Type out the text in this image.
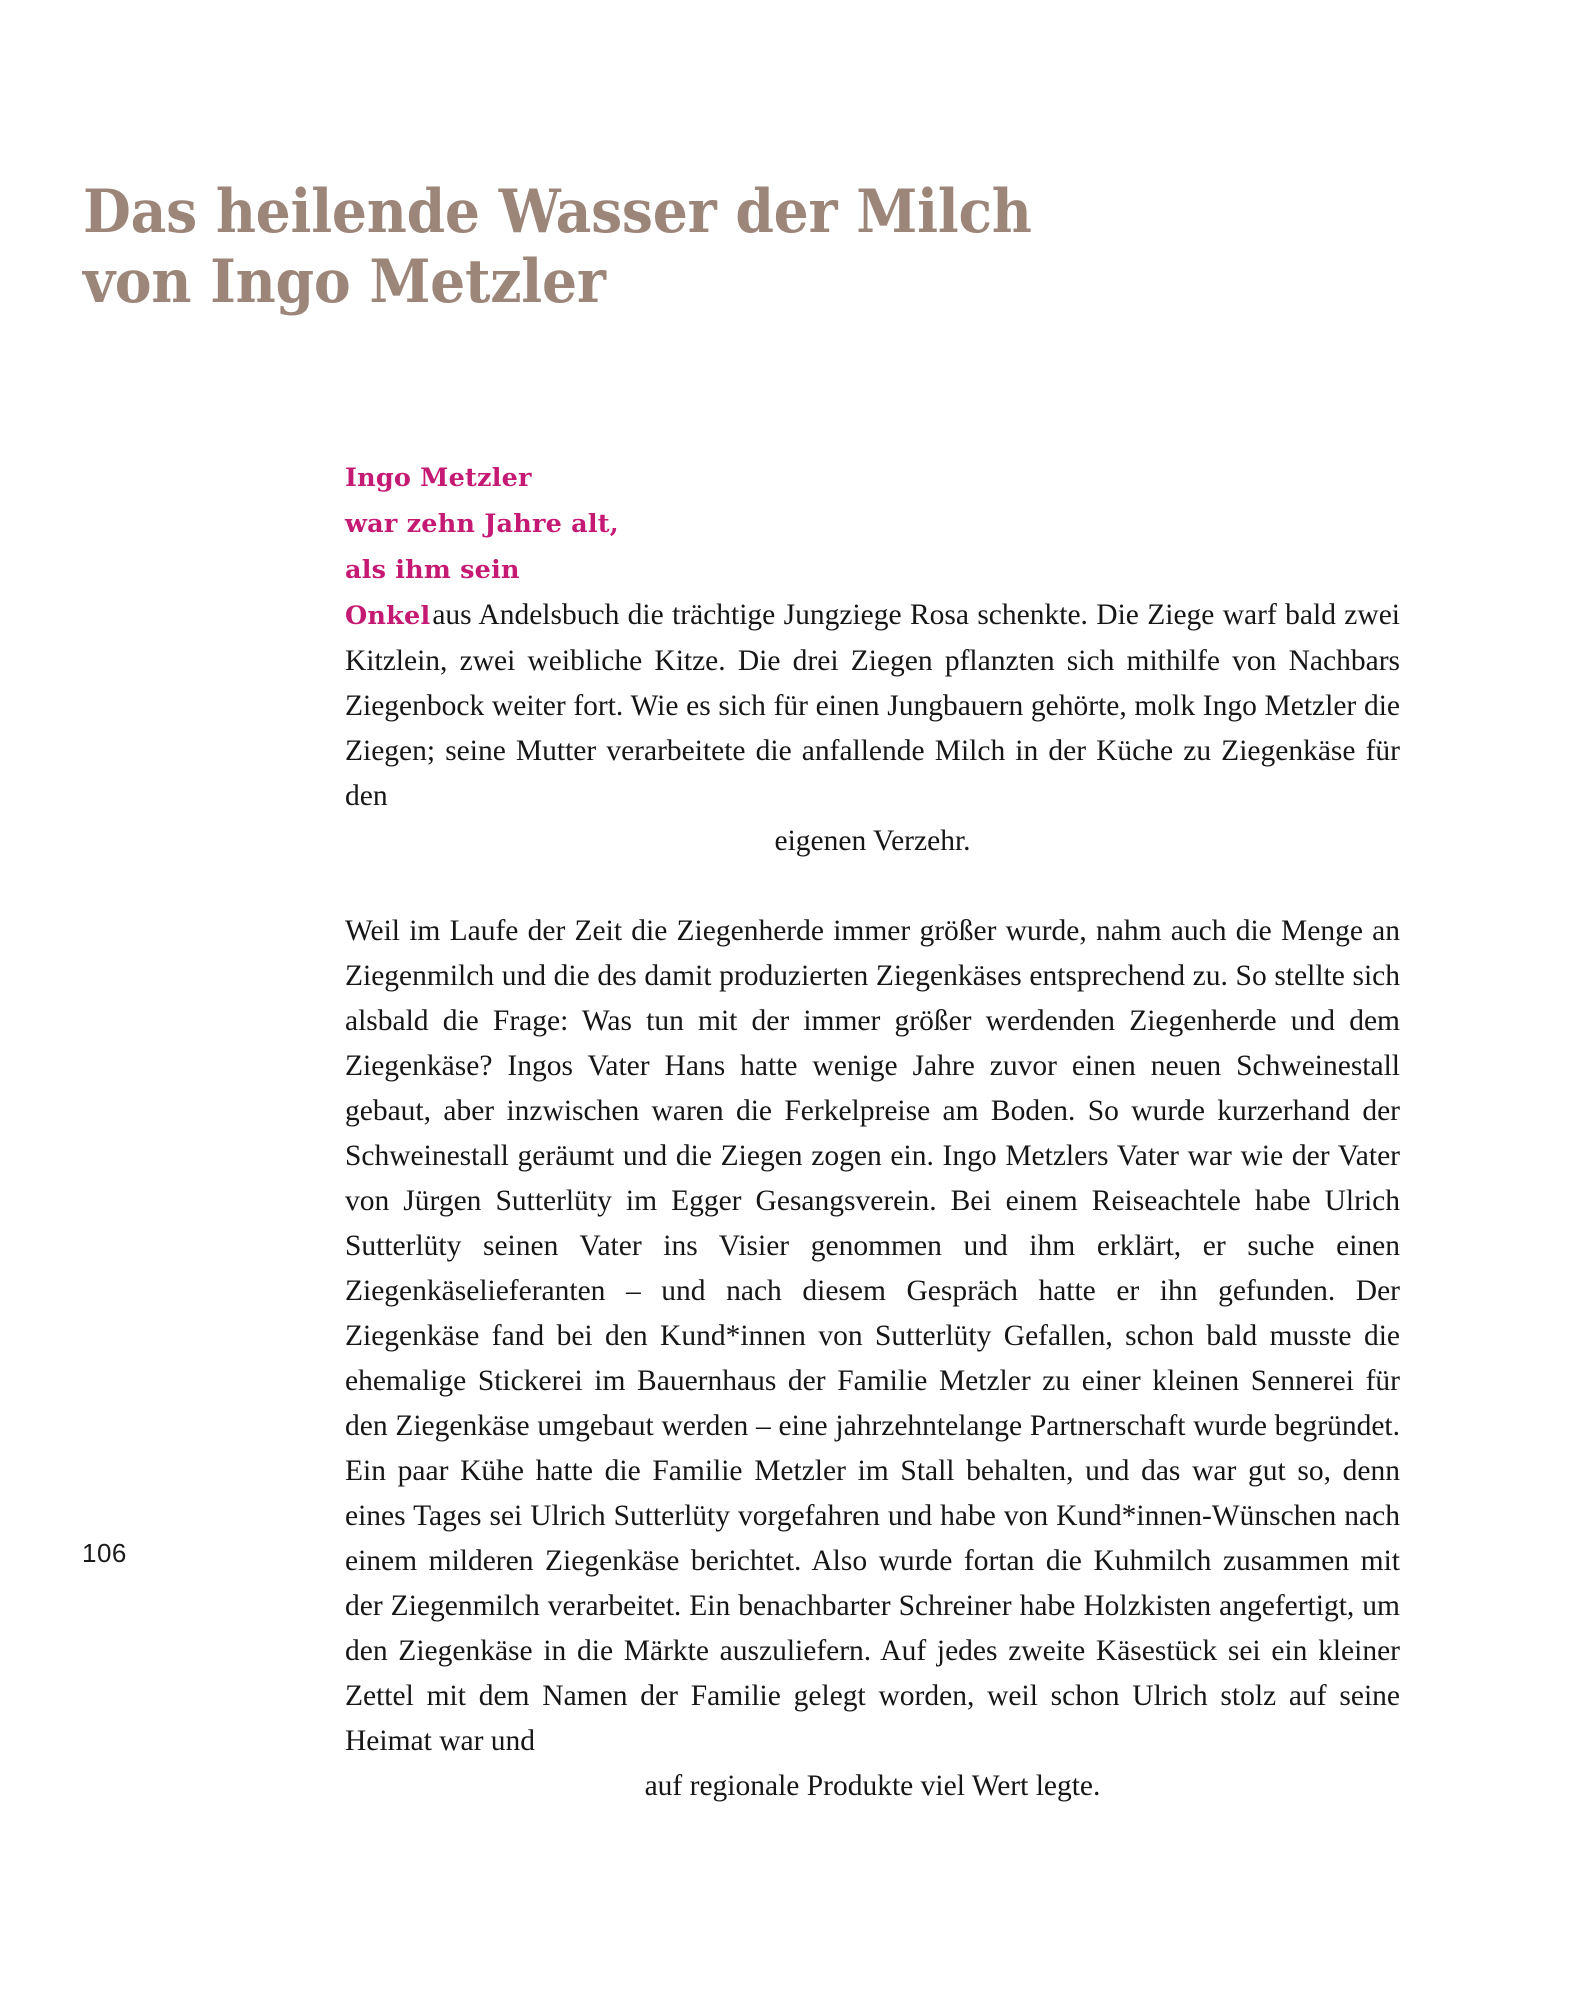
Das heilende Wasser der Milch
von Ingo Metzler
106

Ingo Metzler
war zehn Jahre alt,
als ihm sein
Onkelaus Andelsbuch die trächtige Jungziege Rosa schenkte. Die Ziege warf bald zwei Kitzlein, zwei weibliche Kitze. Die drei Ziegen pflanzten sich mithilfe von Nachbars Ziegenbock weiter fort. Wie es sich für einen Jungbauern gehörte, molk Ingo Metzler die Ziegen; seine Mutter verarbeitete die anfallende Milch in der Küche zu Ziegenkäse für den
eigenen Verzehr.

Weil im Laufe der Zeit die Ziegenherde immer größer wurde, nahm auch die Menge an Ziegenmilch und die des damit produzierten Ziegenkäses entsprechend zu. So stellte sich alsbald die Frage: Was tun mit der immer größer werdenden Ziegenherde und dem Ziegenkäse? Ingos Vater Hans hatte wenige Jahre zuvor einen neuen Schweinestall gebaut, aber inzwischen waren die Ferkelpreise am Boden. So wurde kurzerhand der Schweinestall geräumt und die Ziegen zogen ein. Ingo Metzlers Vater war wie der Vater von Jürgen Sutterlüty im Egger Gesangsverein. Bei einem Reiseachtele habe Ulrich Sutterlüty seinen Vater ins Visier genommen und ihm erklärt, er suche einen Ziegenkäselieferanten – und nach diesem Gespräch hatte er ihn gefunden. Der Ziegenkäse fand bei den Kund*innen von Sutterlüty Gefallen, schon bald musste die ehemalige Stickerei im Bauernhaus der Familie Metzler zu einer kleinen Sennerei für den Ziegenkäse umgebaut werden – eine jahrzehntelange Partnerschaft wurde begründet. Ein paar Kühe hatte die Familie Metzler im Stall behalten, und das war gut so, denn eines Tages sei Ulrich Sutterlüty vorgefahren und habe von Kund*innen-Wünschen nach einem milderen Ziegenkäse berichtet. Also wurde fortan die Kuhmilch zusammen mit der Ziegenmilch verarbeitet. Ein benachbarter Schreiner habe Holzkisten angefertigt, um den Ziegenkäse in die Märkte auszuliefern. Auf jedes zweite Käsestück sei ein kleiner Zettel mit dem Namen der Familie gelegt worden, weil schon Ulrich stolz auf seine Heimat war und
auf regionale Produkte viel Wert legte.
